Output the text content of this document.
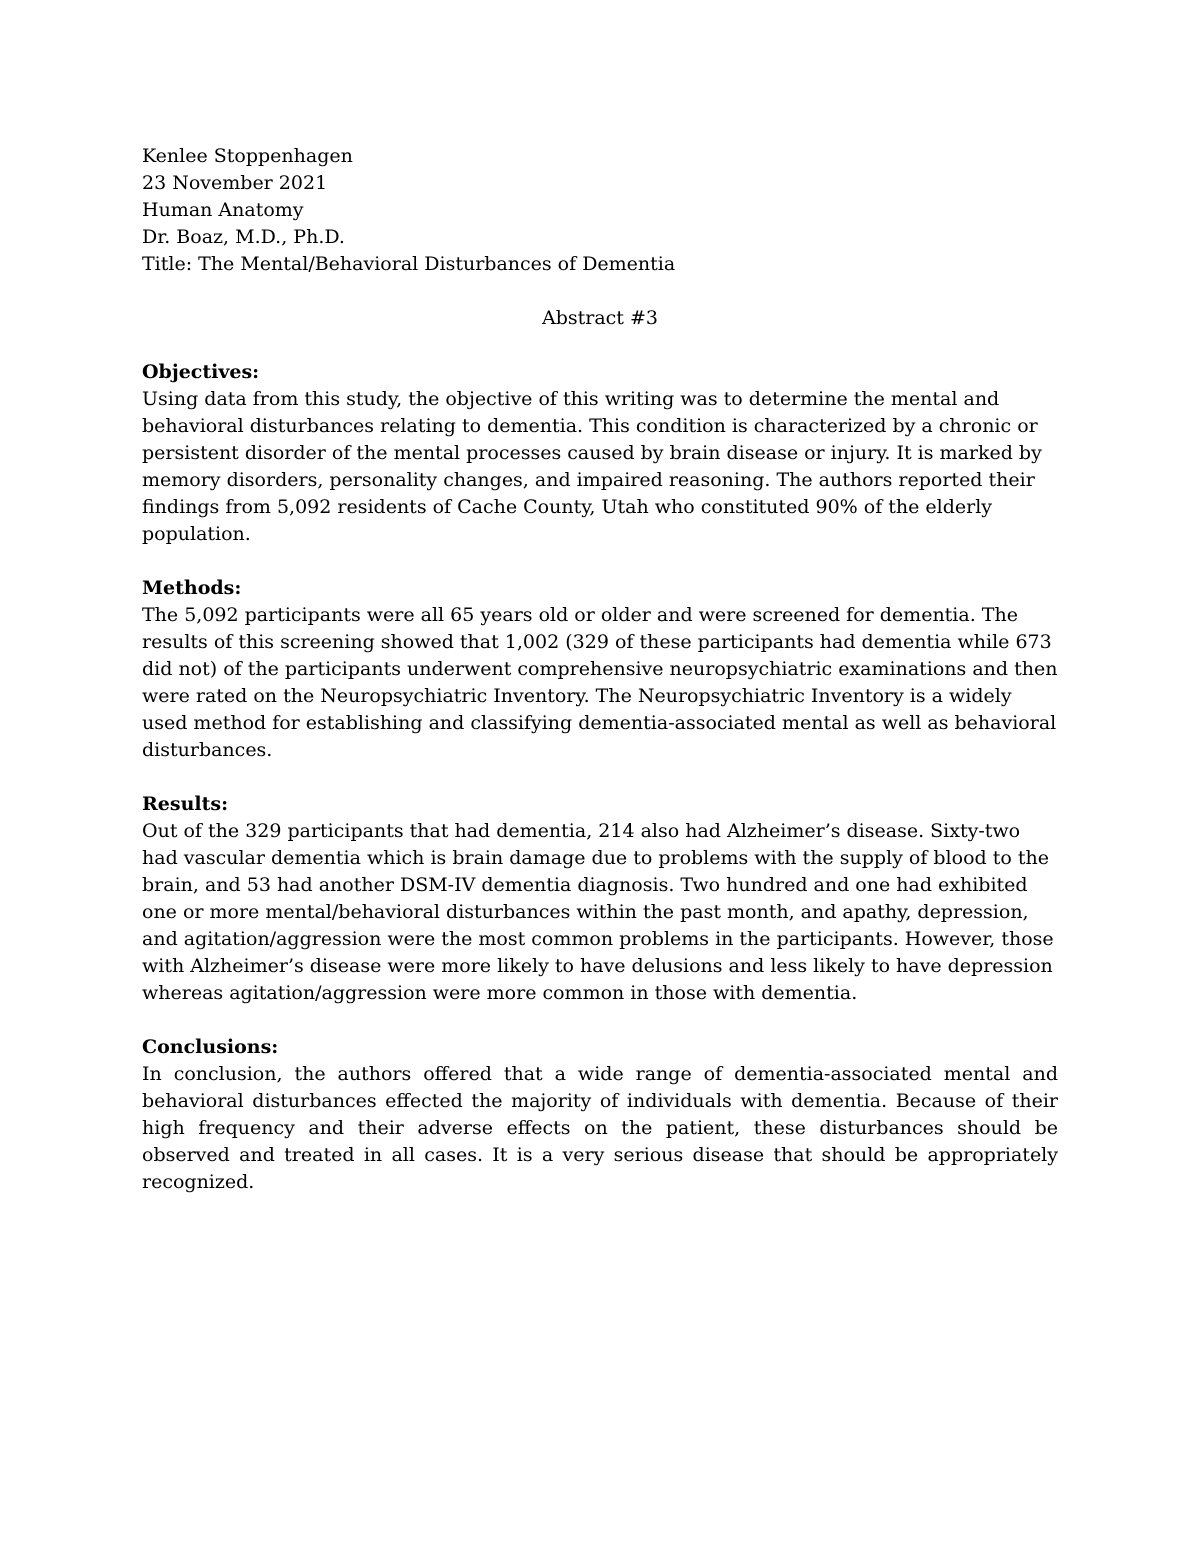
Kenlee Stoppenhagen
23 November 2021
Human Anatomy
Dr. Boaz, M.D., Ph.D.
Title: The Mental/Behavioral Disturbances of Dementia
Abstract #3
Objectives:

Using data from this study, the objective of this writing was to determine the mental and behavioral disturbances relating to dementia. This condition is characterized by a chronic or persistent disorder of the mental processes caused by brain disease or injury. It is marked by memory disorders, personality changes, and impaired reasoning. The authors reported their findings from 5,092 residents of Cache County, Utah who constituted 90% of the elderly population.

Methods:

The 5,092 participants were all 65 years old or older and were screened for dementia. The results of this screening showed that 1,002 (329 of these participants had dementia while 673 did not) of the participants underwent comprehensive neuropsychiatric examinations and then were rated on the Neuropsychiatric Inventory. The Neuropsychiatric Inventory is a widely used method for establishing and classifying dementia-associated mental as well as behavioral disturbances.

Results:

Out of the 329 participants that had dementia, 214 also had Alzheimer’s disease. Sixty-two had vascular dementia which is brain damage due to problems with the supply of blood to the brain, and 53 had another DSM-IV dementia diagnosis. Two hundred and one had exhibited one or more mental/behavioral disturbances within the past month, and apathy, depression, and agitation/aggression were the most common problems in the participants. However, those with Alzheimer’s disease were more likely to have delusions and less likely to have depression whereas agitation/aggression were more common in those with dementia.

Conclusions:

In conclusion, the authors offered that a wide range of dementia-associated mental and behavioral disturbances effected the majority of individuals with dementia. Because of their high frequency and their adverse effects on the patient, these disturbances should be observed and treated in all cases. It is a very serious disease that should be appropriately recognized.
